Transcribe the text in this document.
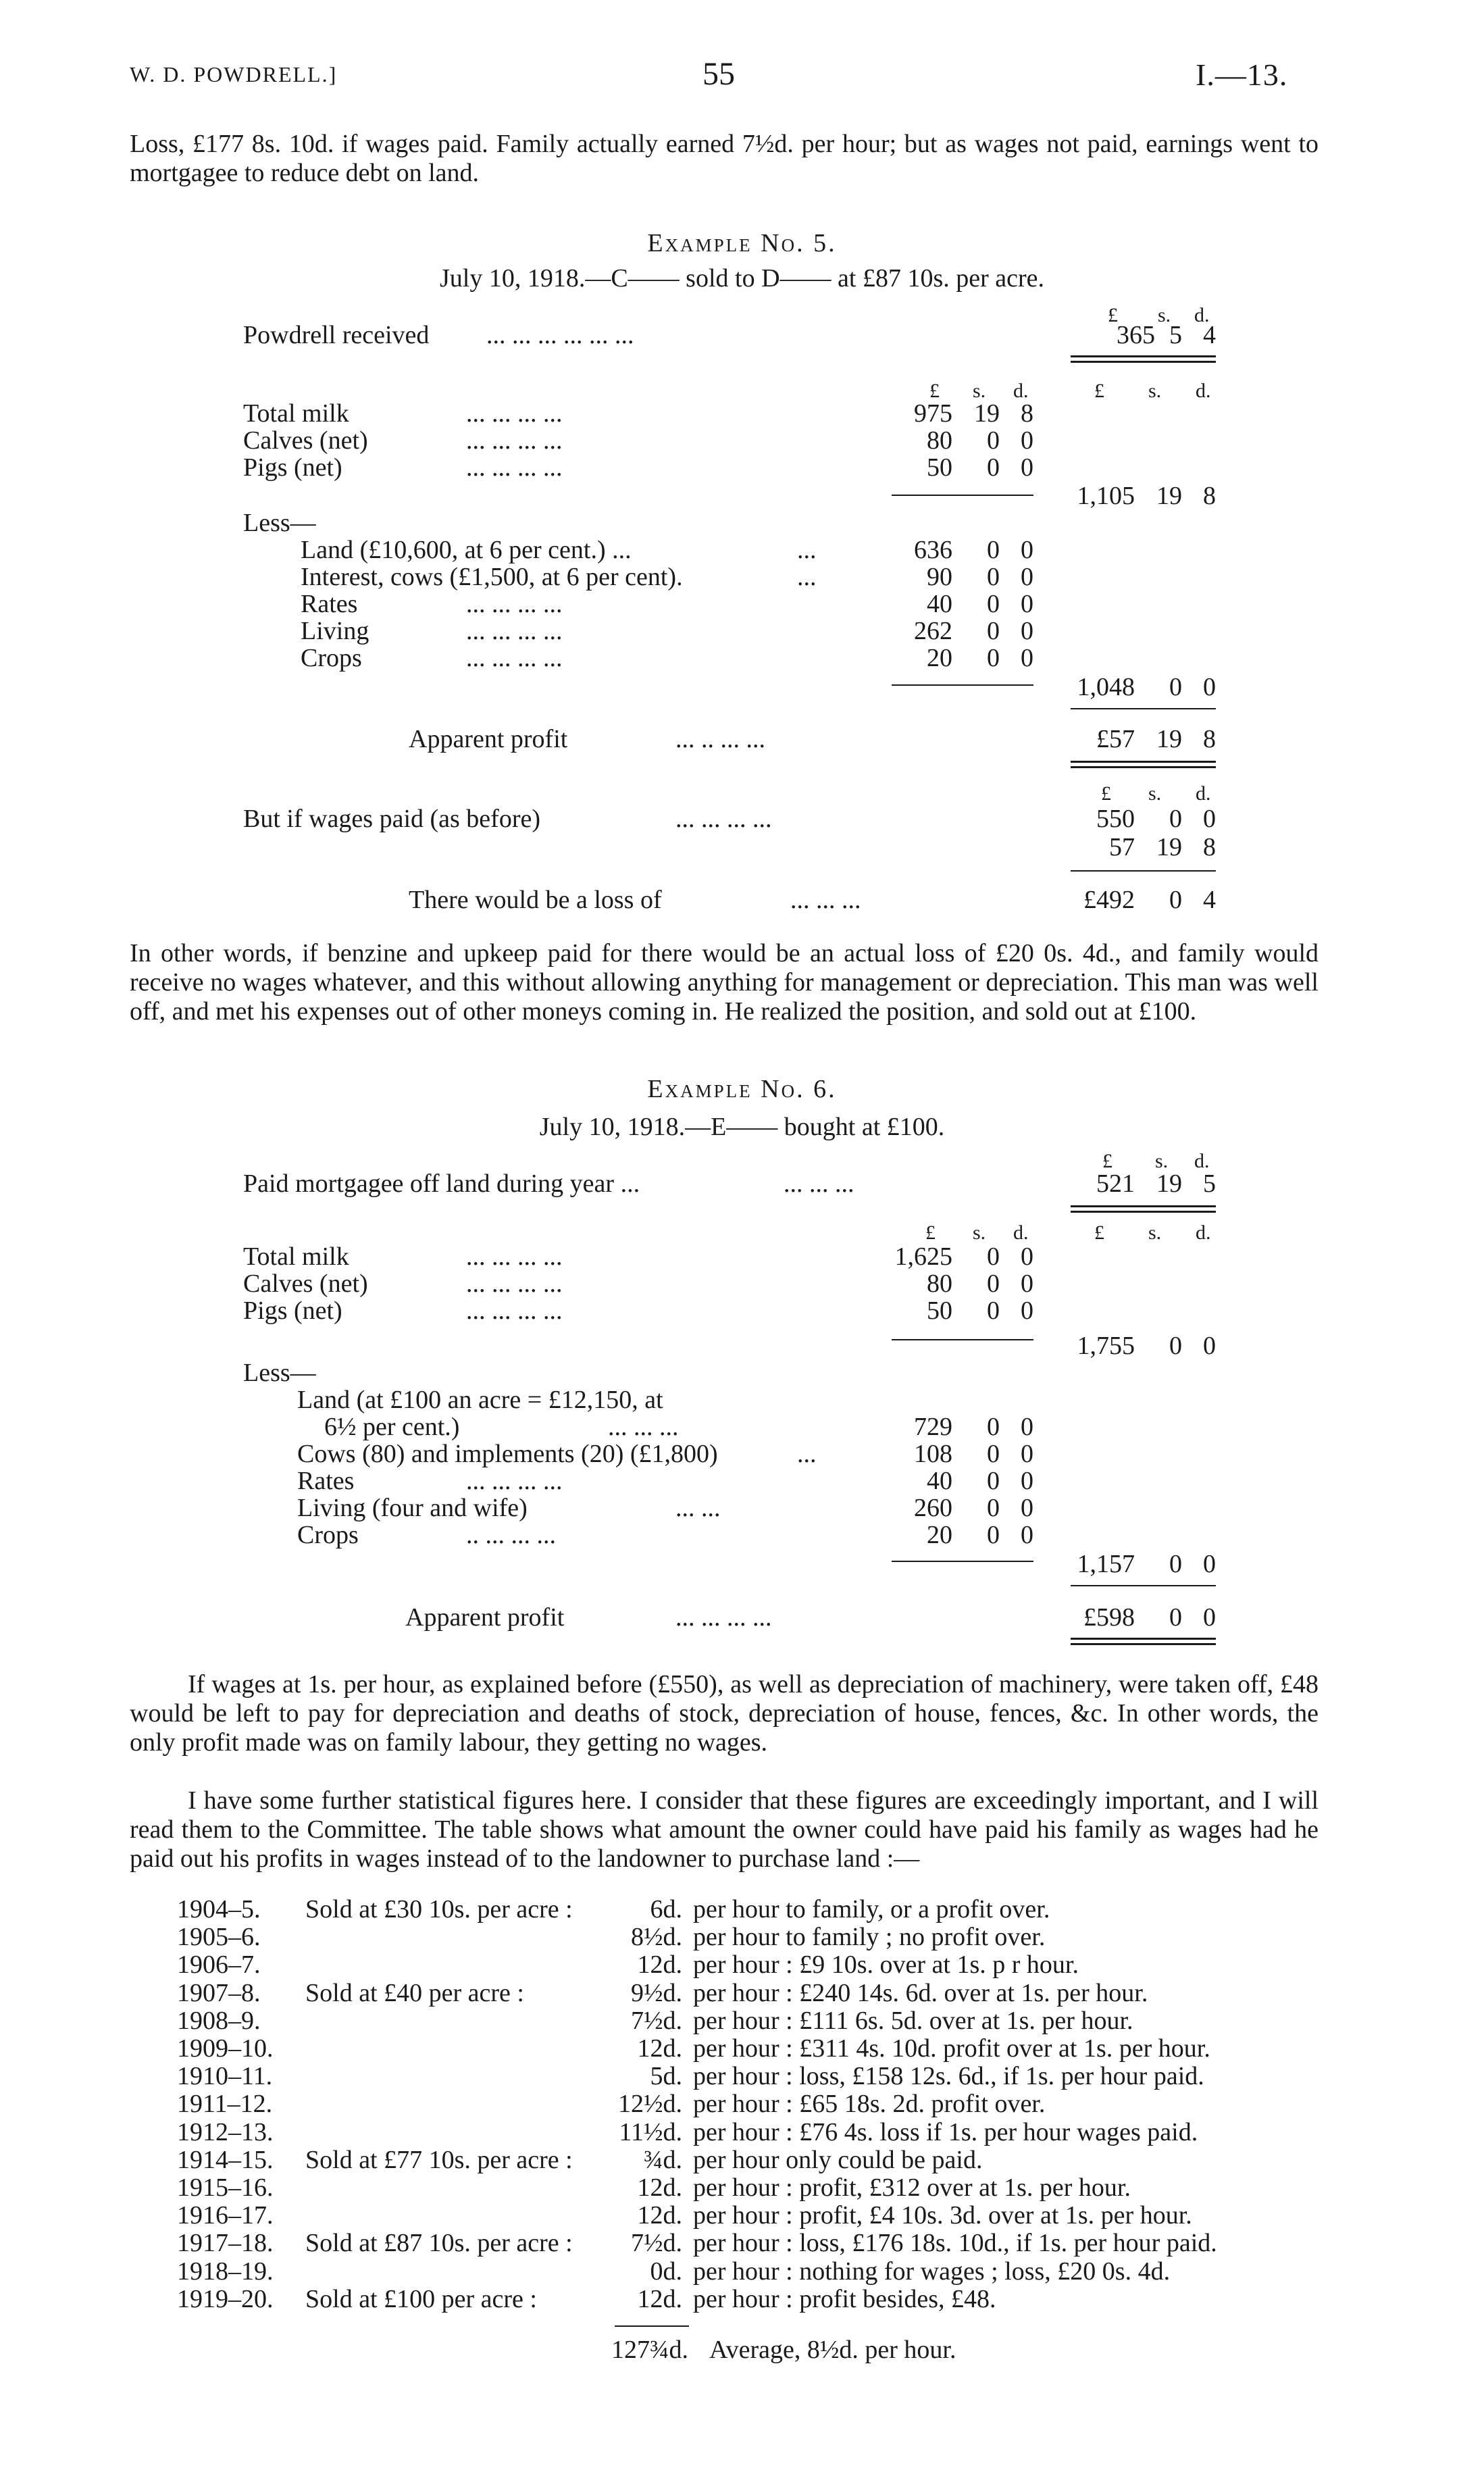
W. D. POWDRELL.]	55	I.—13.
Loss, £177 8s. 10d. if wages paid. Family actually earned 7½d. per hour; but as wages not paid, earnings went to mortgagee to reduce debt on land.
Example No. 5.
July 10, 1918.—C—— sold to D—— at £87 10s. per acre.
£ s. d.
Powdrell received ... ... ... ... ... ...	365 5 4
£ s. d.	£ s. d.
Total milk	... ... ... ...	975 19 8
Calves (net)	... ... ... ...	80	0 0
Pigs (net)	... ... ... ...	50	0 0
1,105 19 8
Less—
Land (£10,600, at 6 per cent.) ...	...	636	0 0
Interest, cows (£1,500, at 6 per cent).	...	90	0 0
Rates	... ... ... ...	40	0 0
Living	... ... ... ...	262	0 0
Crops	... ... ... ...	20	0 0
1,048	0 0
Apparent profit	... .. ... ...	£57 19 8
£ s. d.
But if wages paid (as before)	... ... ... ...	550	0 0
57 19 8
There would be a loss of	... ... ...	£492	0 4
In other words, if benzine and upkeep paid for there would be an actual loss of £20 0s. 4d., and family would receive no wages whatever, and this without allowing anything for management or depreciation. This man was well off, and met his expenses out of other moneys coming in. He realized the position, and sold out at £100.
Example No. 6.
July 10, 1918.—E—— bought at £100.
£ s. d.
Paid mortgagee off land during year ...	... ... ...	521 19 5
£ s. d.	£ s. d.
Total milk	... ... ... ...	1,625	0 0
Calves (net)	... ... ... ...	80	0 0
Pigs (net)	... ... ... ...	50	0 0
1,755	0 0
Less—
Land (at £100 an acre = £12,150, at
6½ per cent.)	... ... ...	729	0 0
Cows (80) and implements (20) (£1,800)	...	108	0 0
Rates	... ... ... ...	40	0 0
Living (four and wife)	... ...	260	0 0
Crops	.. ... ... ...	20	0 0
1,157	0 0
Apparent profit	... ... ... ...	£598	0 0
If wages at 1s. per hour, as explained before (£550), as well as depreciation of machinery, were taken off, £48 would be left to pay for depreciation and deaths of stock, depreciation of house, fences, &c. In other words, the only profit made was on family labour, they getting no wages.
I have some further statistical figures here. I consider that these figures are exceedingly important, and I will read them to the Committee. The table shows what amount the owner could have paid his family as wages had he paid out his profits in wages instead of to the landowner to purchase land :—
1904–5. Sold at £30 10s. per acre :	6d. per hour to family, or a profit over.
1905–6.	8½d. per hour to family ; no profit over.
1906–7.	12d. per hour : £9 10s. over at 1s. p r hour.
1907–8. Sold at £40 per acre :	9½d. per hour : £240 14s. 6d. over at 1s. per hour.
1908–9.	7½d. per hour : £111 6s. 5d. over at 1s. per hour.
1909–10.	12d. per hour : £311 4s. 10d. profit over at 1s. per hour.
1910–11.	5d. per hour : loss, £158 12s. 6d., if 1s. per hour paid.
1911–12.	12½d. per hour : £65 18s. 2d. profit over.
1912–13.	11½d. per hour : £76 4s. loss if 1s. per hour wages paid.
1914–15. Sold at £77 10s. per acre :	¾d. per hour only could be paid.
1915–16.	12d. per hour : profit, £312 over at 1s. per hour.
1916–17.	12d. per hour : profit, £4 10s. 3d. over at 1s. per hour.
1917–18. Sold at £87 10s. per acre :	7½d. per hour : loss, £176 18s. 10d., if 1s. per hour paid.
1918–19.	0d. per hour : nothing for wages ; loss, £20 0s. 4d.
1919–20. Sold at £100 per acre :	12d. per hour : profit besides, £48.
127¾d. Average, 8½d. per hour.
